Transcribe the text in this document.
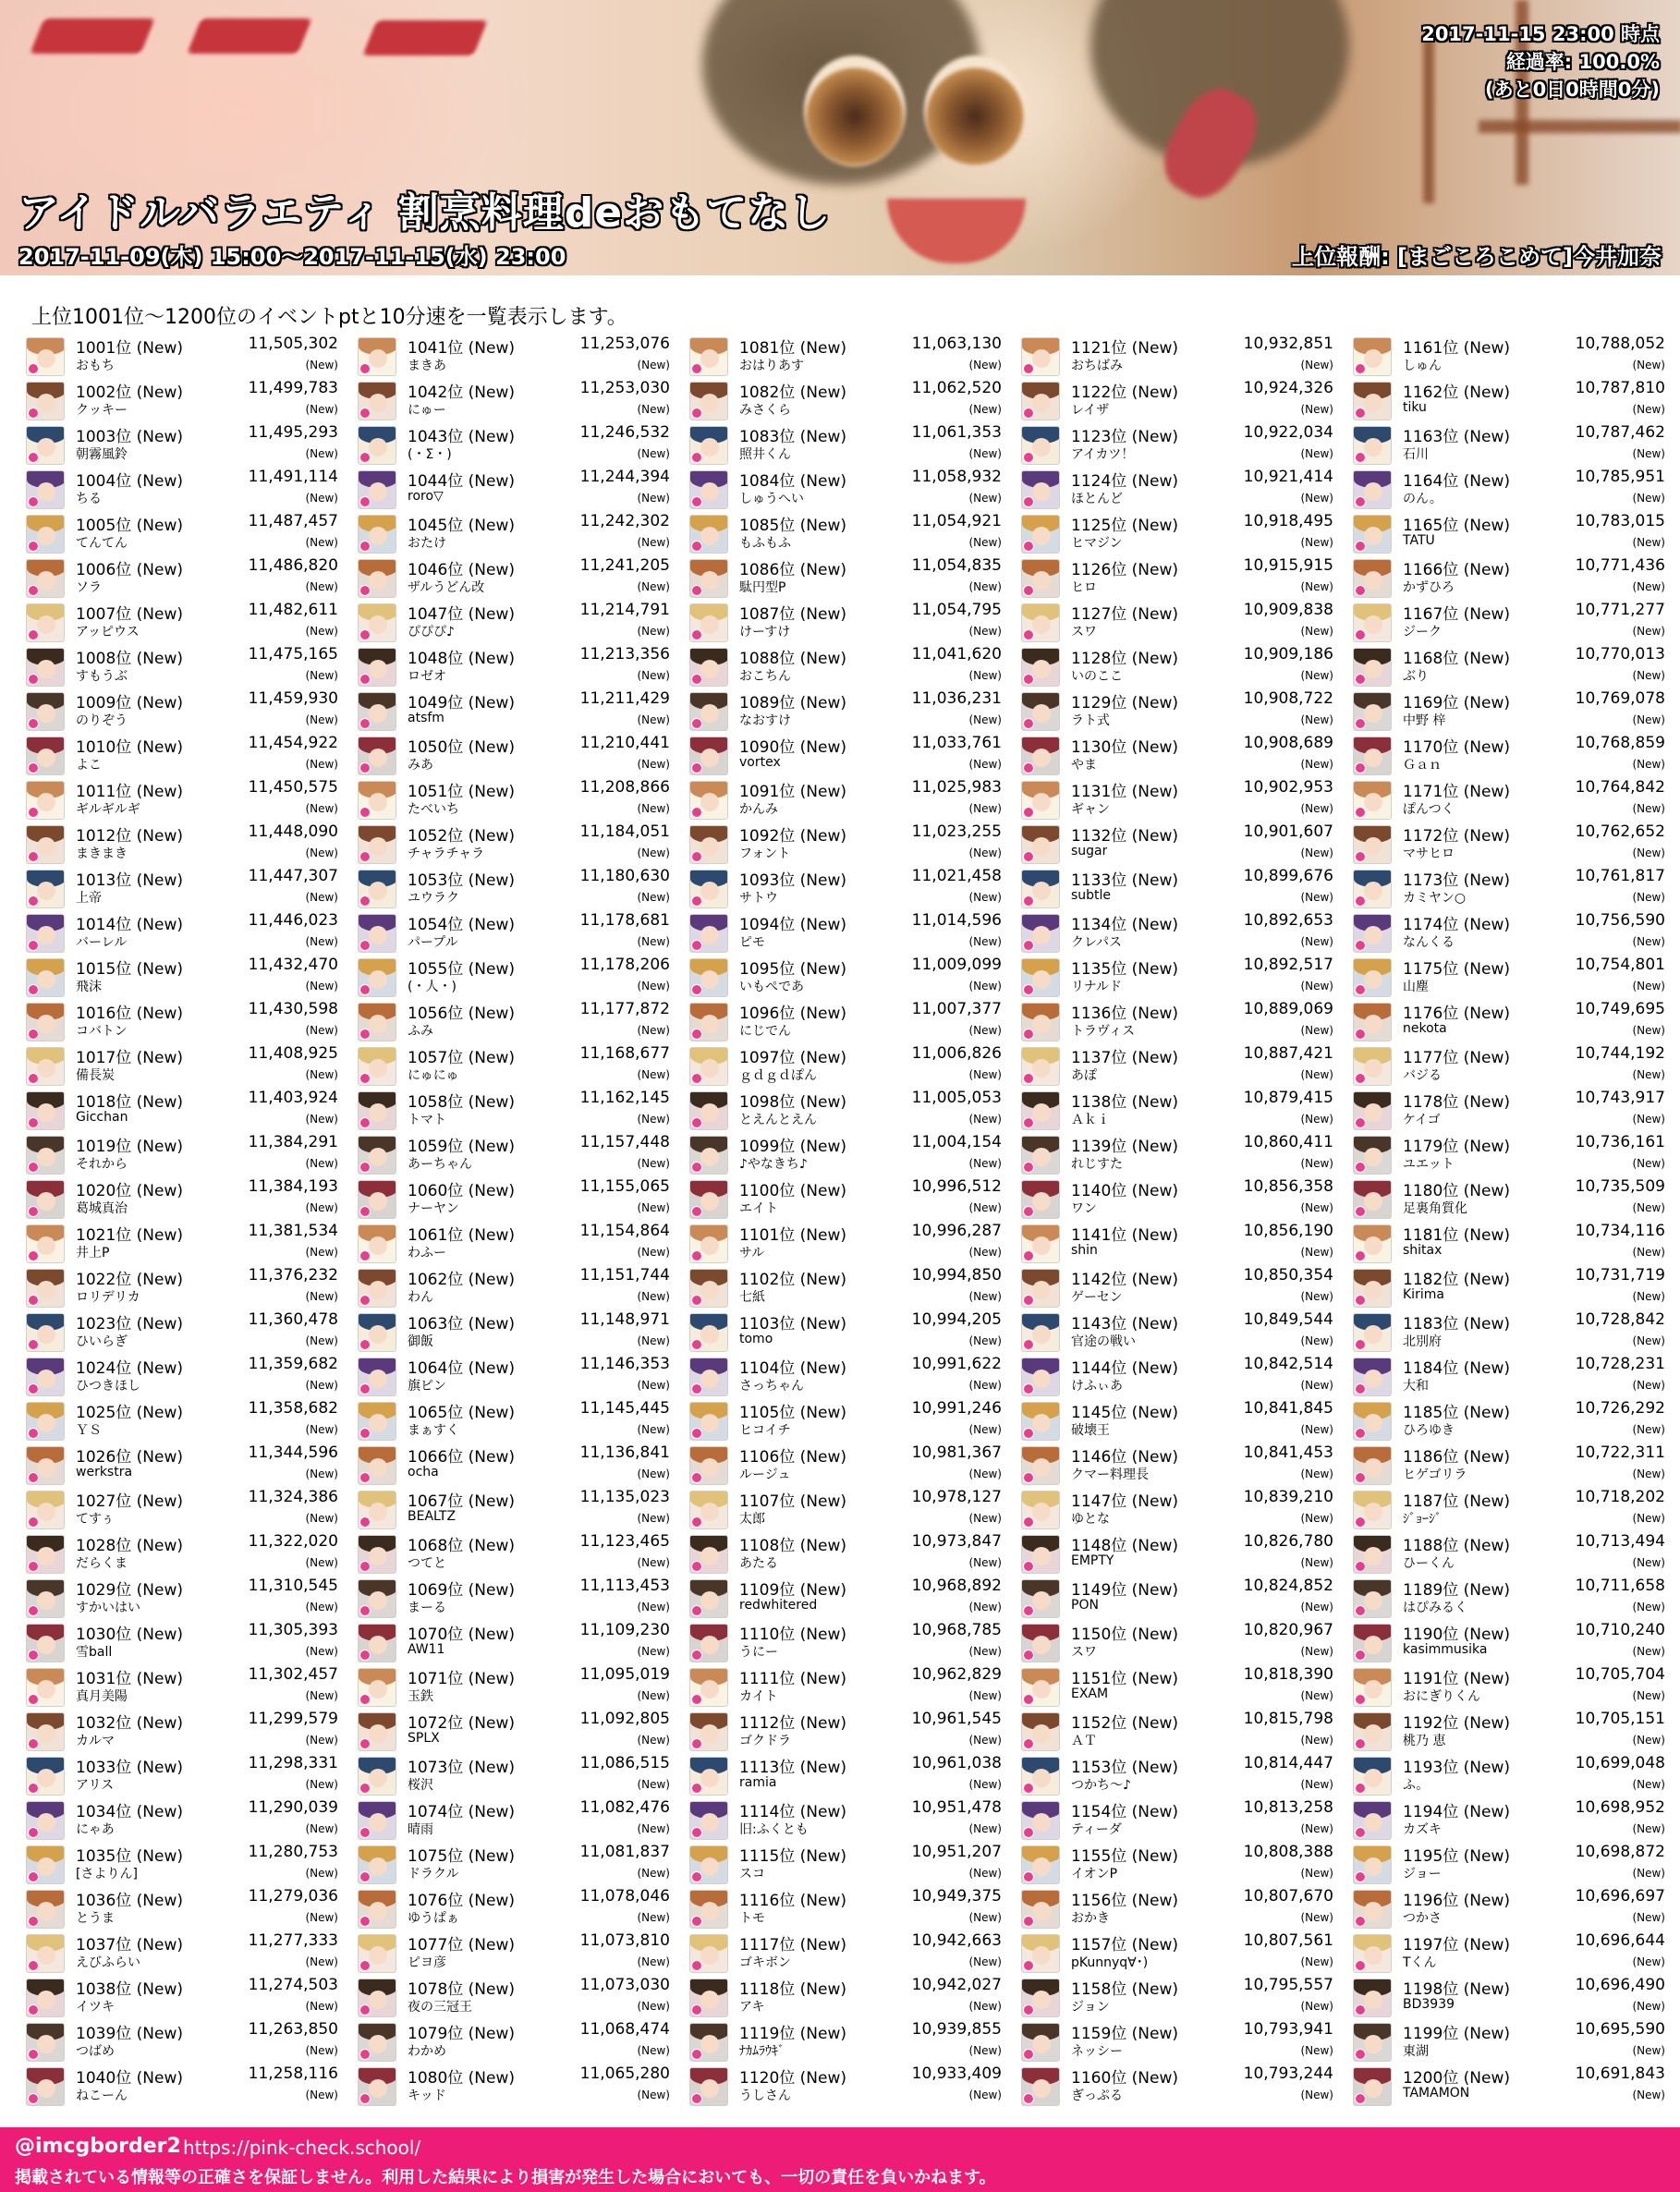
2017-11-15 23:00 時点
経過率: 100.0%
(あと0日0時間0分)
アイドルバラエティ 割烹料理deおもてなし
2017-11-09(木) 15:00〜2017-11-15(水) 23:00	上位報酬: [まごころこめて]今井加奈
上位1001位〜1200位のイベントptと10分速を一覧表示します。
1001位 (New)	11,505,302
おもち	(New)
1002位 (New)	11,499,783
クッキー	(New)
1003位 (New)	11,495,293
朝霧風鈴	(New)
1004位 (New)	11,491,114
ちる	(New)
1005位 (New)	11,487,457
てんてん	(New)
1006位 (New)	11,486,820
ソラ	(New)
1007位 (New)	11,482,611
アッピウス	(New)
1008位 (New)	11,475,165
すもうぶ	(New)
1009位 (New)	11,459,930
のりぞう	(New)
1010位 (New)	11,454,922
よこ	(New)
1011位 (New)	11,450,575
ギルギルギ	(New)
1012位 (New)	11,448,090
まきまき	(New)
1013位 (New)	11,447,307
上帝	(New)
1014位 (New)	11,446,023
バーレル	(New)
1015位 (New)	11,432,470
飛沫	(New)
1016位 (New)	11,430,598
コバトン	(New)
1017位 (New)	11,408,925
備長炭	(New)
1018位 (New)	11,403,924
Gicchan	(New)
1019位 (New)	11,384,291
それから	(New)
1020位 (New)	11,384,193
葛城真治	(New)
1021位 (New)	11,381,534
井上P	(New)
1022位 (New)	11,376,232
ロリデリカ	(New)
1023位 (New)	11,360,478
ひいらぎ	(New)
1024位 (New)	11,359,682
ひつきほし	(New)
1025位 (New)	11,358,682
ＹＳ	(New)
1026位 (New)	11,344,596
werkstra	(New)
1027位 (New)	11,324,386
てすぅ	(New)
1028位 (New)	11,322,020
だらくま	(New)
1029位 (New)	11,310,545
すかいはい	(New)
1030位 (New)	11,305,393
雪ball	(New)
1031位 (New)	11,302,457
真月美陽	(New)
1032位 (New)	11,299,579
カルマ	(New)
1033位 (New)	11,298,331
アリス	(New)
1034位 (New)	11,290,039
にゃあ	(New)
1035位 (New)	11,280,753
[さよりん]	(New)
1036位 (New)	11,279,036
とうま	(New)
1037位 (New)	11,277,333
えびふらい	(New)
1038位 (New)	11,274,503
イツキ	(New)
1039位 (New)	11,263,850
つばめ	(New)
1040位 (New)	11,258,116
ねこーん	(New)
1041位 (New)	11,253,076
まきあ	(New)
1042位 (New)	11,253,030
にゅー	(New)
1043位 (New)	11,246,532
(・Σ・)	(New)
1044位 (New)	11,244,394
roro▽	(New)
1045位 (New)	11,242,302
おたけ	(New)
1046位 (New)	11,241,205
ザルうどん改	(New)
1047位 (New)	11,214,791
ぴぴぴ♪	(New)
1048位 (New)	11,213,356
ロゼオ	(New)
1049位 (New)	11,211,429
atsfm	(New)
1050位 (New)	11,210,441
みあ	(New)
1051位 (New)	11,208,866
たべいち	(New)
1052位 (New)	11,184,051
チャラチャラ	(New)
1053位 (New)	11,180,630
ユウラク	(New)
1054位 (New)	11,178,681
パープル	(New)
1055位 (New)	11,178,206
(・人・)	(New)
1056位 (New)	11,177,872
ふみ	(New)
1057位 (New)	11,168,677
にゅにゅ	(New)
1058位 (New)	11,162,145
トマト	(New)
1059位 (New)	11,157,448
あーちゃん	(New)
1060位 (New)	11,155,065
ナーヤン	(New)
1061位 (New)	11,154,864
わふー	(New)
1062位 (New)	11,151,744
わん	(New)
1063位 (New)	11,148,971
御飯	(New)
1064位 (New)	11,146,353
旗ピン	(New)
1065位 (New)	11,145,445
まぁすく	(New)
1066位 (New)	11,136,841
ocha	(New)
1067位 (New)	11,135,023
BEALTZ	(New)
1068位 (New)	11,123,465
つてと	(New)
1069位 (New)	11,113,453
まーる	(New)
1070位 (New)	11,109,230
AW11	(New)
1071位 (New)	11,095,019
玉鉄	(New)
1072位 (New)	11,092,805
SPLX	(New)
1073位 (New)	11,086,515
桜沢	(New)
1074位 (New)	11,082,476
晴雨	(New)
1075位 (New)	11,081,837
ドラクル	(New)
1076位 (New)	11,078,046
ゆうぱぁ	(New)
1077位 (New)	11,073,810
ピヨ彦	(New)
1078位 (New)	11,073,030
夜の三冠王	(New)
1079位 (New)	11,068,474
わかめ	(New)
1080位 (New)	11,065,280
キッド	(New)
1081位 (New)	11,063,130
おはりあす	(New)
1082位 (New)	11,062,520
みさくら	(New)
1083位 (New)	11,061,353
照井くん	(New)
1084位 (New)	11,058,932
しゅうへい	(New)
1085位 (New)	11,054,921
もふもふ	(New)
1086位 (New)	11,054,835
駄円型P	(New)
1087位 (New)	11,054,795
けーすけ	(New)
1088位 (New)	11,041,620
おこちん	(New)
1089位 (New)	11,036,231
なおすけ	(New)
1090位 (New)	11,033,761
vortex	(New)
1091位 (New)	11,025,983
かんみ	(New)
1092位 (New)	11,023,255
フォント	(New)
1093位 (New)	11,021,458
サトウ	(New)
1094位 (New)	11,014,596
ピモ	(New)
1095位 (New)	11,009,099
いもぺであ	(New)
1096位 (New)	11,007,377
にじでん	(New)
1097位 (New)	11,006,826
ｇｄｇｄぽん	(New)
1098位 (New)	11,005,053
とえんとえん	(New)
1099位 (New)	11,004,154
♪やなきち♪	(New)
1100位 (New)	10,996,512
エイト	(New)
1101位 (New)	10,996,287
サル	(New)
1102位 (New)	10,994,850
七紙	(New)
1103位 (New)	10,994,205
tomo	(New)
1104位 (New)	10,991,622
さっちゃん	(New)
1105位 (New)	10,991,246
ヒコイチ	(New)
1106位 (New)	10,981,367
ルージュ	(New)
1107位 (New)	10,978,127
太郎	(New)
1108位 (New)	10,973,847
あたる	(New)
1109位 (New)	10,968,892
redwhitered	(New)
1110位 (New)	10,968,785
うにー	(New)
1111位 (New)	10,962,829
カイト	(New)
1112位 (New)	10,961,545
ゴクドラ	(New)
1113位 (New)	10,961,038
ramia	(New)
1114位 (New)	10,951,478
旧:ふくとも	(New)
1115位 (New)	10,951,207
スコ	(New)
1116位 (New)	10,949,375
トモ	(New)
1117位 (New)	10,942,663
ゴキボン	(New)
1118位 (New)	10,942,027
アキ	(New)
1119位 (New)	10,939,855
ﾅｶﾑﾗｳｷﾞ	(New)
1120位 (New)	10,933,409
うしさん	(New)
1121位 (New)	10,932,851
おちばみ	(New)
1122位 (New)	10,924,326
レイザ	(New)
1123位 (New)	10,922,034
アイカツ！	(New)
1124位 (New)	10,921,414
ほとんど	(New)
1125位 (New)	10,918,495
ヒマジン	(New)
1126位 (New)	10,915,915
ヒロ	(New)
1127位 (New)	10,909,838
スワ	(New)
1128位 (New)	10,909,186
いのここ	(New)
1129位 (New)	10,908,722
ラト式	(New)
1130位 (New)	10,908,689
やま	(New)
1131位 (New)	10,902,953
ギャン	(New)
1132位 (New)	10,901,607
sugar	(New)
1133位 (New)	10,899,676
subtle	(New)
1134位 (New)	10,892,653
クレパス	(New)
1135位 (New)	10,892,517
リナルド	(New)
1136位 (New)	10,889,069
トラヴィス	(New)
1137位 (New)	10,887,421
あぽ	(New)
1138位 (New)	10,879,415
Ａｋｉ	(New)
1139位 (New)	10,860,411
れじすた	(New)
1140位 (New)	10,856,358
ワン	(New)
1141位 (New)	10,856,190
shin	(New)
1142位 (New)	10,850,354
ゲーセン	(New)
1143位 (New)	10,849,544
官途の戦い	(New)
1144位 (New)	10,842,514
けふぃあ	(New)
1145位 (New)	10,841,845
破壊王	(New)
1146位 (New)	10,841,453
クマー料理長	(New)
1147位 (New)	10,839,210
ゆとな	(New)
1148位 (New)	10,826,780
EMPTY	(New)
1149位 (New)	10,824,852
PON	(New)
1150位 (New)	10,820,967
スワ	(New)
1151位 (New)	10,818,390
EXAM	(New)
1152位 (New)	10,815,798
ＡＴ	(New)
1153位 (New)	10,814,447
つかち〜♪	(New)
1154位 (New)	10,813,258
ティーダ	(New)
1155位 (New)	10,808,388
イオンP	(New)
1156位 (New)	10,807,670
おかき	(New)
1157位 (New)	10,807,561
pKunnyq∀･)	(New)
1158位 (New)	10,795,557
ジョン	(New)
1159位 (New)	10,793,941
ネッシー	(New)
1160位 (New)	10,793,244
ぎっぷる	(New)
1161位 (New)	10,788,052
しゅん	(New)
1162位 (New)	10,787,810
tiku	(New)
1163位 (New)	10,787,462
石川	(New)
1164位 (New)	10,785,951
のん。	(New)
1165位 (New)	10,783,015
TATU	(New)
1166位 (New)	10,771,436
かずひろ	(New)
1167位 (New)	10,771,277
ジーク	(New)
1168位 (New)	10,770,013
ぶり	(New)
1169位 (New)	10,769,078
中野 梓	(New)
1170位 (New)	10,768,859
Ｇａｎ	(New)
1171位 (New)	10,764,842
ぽんつく	(New)
1172位 (New)	10,762,652
マサヒロ	(New)
1173位 (New)	10,761,817
カミヤン○	(New)
1174位 (New)	10,756,590
なんくる	(New)
1175位 (New)	10,754,801
山塵	(New)
1176位 (New)	10,749,695
nekota	(New)
1177位 (New)	10,744,192
バジる	(New)
1178位 (New)	10,743,917
ケイゴ	(New)
1179位 (New)	10,736,161
ユエット	(New)
1180位 (New)	10,735,509
足裏角質化	(New)
1181位 (New)	10,734,116
shitax	(New)
1182位 (New)	10,731,719
Kirima	(New)
1183位 (New)	10,728,842
北別府	(New)
1184位 (New)	10,728,231
大和	(New)
1185位 (New)	10,726,292
ひろゆき	(New)
1186位 (New)	10,722,311
ヒゲゴリラ	(New)
1187位 (New)	10,718,202
ｼﾞｮｰｼﾞ	(New)
1188位 (New)	10,713,494
ひーくん	(New)
1189位 (New)	10,711,658
はぴみるく	(New)
1190位 (New)	10,710,240
kasimmusika	(New)
1191位 (New)	10,705,704
おにぎりくん	(New)
1192位 (New)	10,705,151
桃乃 恵	(New)
1193位 (New)	10,699,048
ふ。	(New)
1194位 (New)	10,698,952
カズキ	(New)
1195位 (New)	10,698,872
ジョー	(New)
1196位 (New)	10,696,697
つかさ	(New)
1197位 (New)	10,696,644
Tくん	(New)
1198位 (New)	10,696,490
BD3939	(New)
1199位 (New)	10,695,590
東湖	(New)
1200位 (New)	10,691,843
TAMAMON	(New)
@imcgborder2 https://pink-check.school/
掲載されている情報等の正確さを保証しません。利用した結果により損害が発生した場合においても、一切の責任を負いかねます。
